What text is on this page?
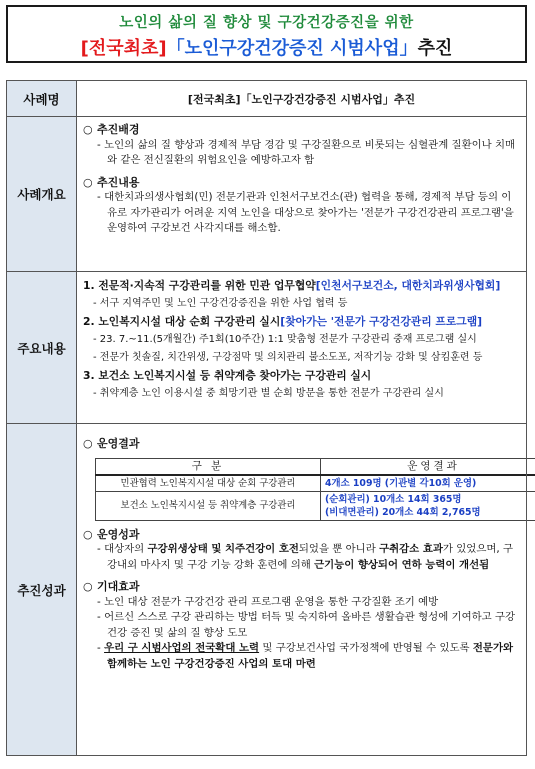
노인의 삶의 질 향상 및 구강건강증진을 위한
[전국최초]「노인구강건강증진 시범사업」추진
사례명	[전국최초]「노인구강건강증진 시범사업」추진
사례개요	
○ 추진배경
- 노인의 삶의 질 향상과 경제적 부담 경감 및 구강질환으로 비롯되는 심혈관계 질환이나 치매와 같은 전신질환의 위험요인을 예방하고자 함
○ 추진내용
- 대한치과의생사협회(민) 전문기관과 인천서구보건소(관) 협력을 통해, 경제적 부담 등의 이유로 자가관리가 어려운 지역 노인을 대상으로 찾아가는 '전문가 구강건강관리 프로그램'을 운영하여 구강보건 사각지대를 해소함.

주요내용	
1. 전문적·지속적 구강관리를 위한 민관 업무협약[인천서구보건소, 대한치과위생사협회]
- 서구 지역주민 및 노인 구강건강증진을 위한 사업 협력 등
2. 노인복지시설 대상 순회 구강관리 실시[찾아가는 '전문가 구강건강관리 프로그램]
- 23. 7.~11.(5개월간) 주1회(10주간) 1:1 맞춤형 전문가 구강관리 중재 프로그램 실시
- 전문가 칫솔질, 치간위생, 구강점막 및 의치관리 불소도포, 저작기능 강화 및 삼킴훈련 등
3. 보건소 노인복지시설 등 취약계층 찾아가는 구강관리 실시
- 취약계층 노인 이용시설 중 희망기관 별 순회 방문을 통한 전문가 구강관리 실시

추진성과	
○ 운영결과
구 분	운영결과
민관협력 노인복지시설 대상 순회 구강관리	4개소 109명 (기관별 각10회 운영)
보건소 노인복지시설 등 취약계층 구강관리	
(순회관리) 10개소 14회 365명
(비대면관리) 20개소 44회 2,765명
○ 운영성과
- 대상자의 구강위생상태 및 치주건강이 호전되었을 뿐 아니라 구취감소 효과가 있었으며, 구강내외 마사지 및 구강 기능 강화 훈련에 의해 근기능이 향상되어 연하 능력이 개선됨
○ 기대효과
- 노인 대상 전문가 구강건강 관리 프로그램 운영을 통한 구강질환 조기 예방
- 어르신 스스로 구강 관리하는 방법 터득 및 숙지하여 올바른 생활습관 형성에 기여하고 구강건강 증진 및 삶의 질 향상 도모
- 우리 구 시범사업의 전국확대 노력 및 구강보건사업 국가정책에 반영될 수 있도록 전문가와 함께하는 노인 구강건강증진 사업의 토대 마련
